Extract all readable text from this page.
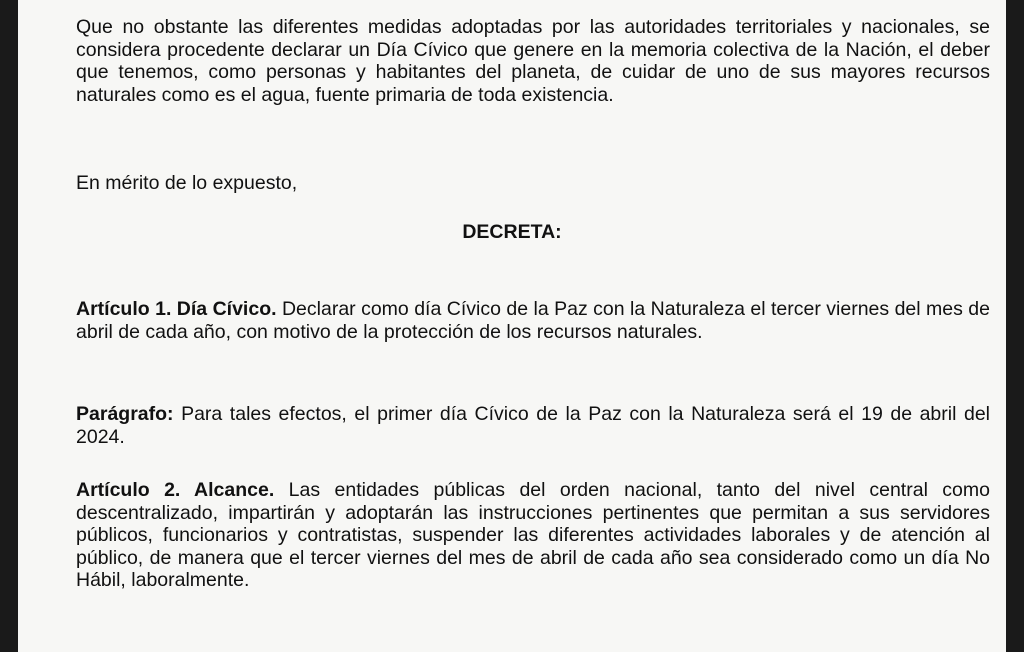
Que no obstante las diferentes medidas adoptadas por las autoridades territoriales y nacionales, se considera procedente declarar un Día Cívico que genere en la memoria colectiva de la Nación, el deber que tenemos, como personas y habitantes del planeta, de cuidar de uno de sus mayores recursos naturales como es el agua, fuente primaria de toda existencia.

En mérito de lo expuesto,

Artículo 1. Día Cívico. Declarar como día Cívico de la Paz con la Naturaleza el tercer viernes del mes de abril de cada año, con motivo de la protección de los recursos naturales.

Parágrafo: Para tales efectos, el primer día Cívico de la Paz con la Naturaleza será el 19 de abril del 2024.

Artículo 2. Alcance. Las entidades públicas del orden nacional, tanto del nivel central como descentralizado, impartirán y adoptarán las instrucciones pertinentes que permitan a sus servidores públicos, funcionarios y contratistas, suspender las diferentes actividades laborales y de atención al público, de manera que el tercer viernes del mes de abril de cada año sea considerado como un día No Hábil, laboralmente.

DECRETA:
